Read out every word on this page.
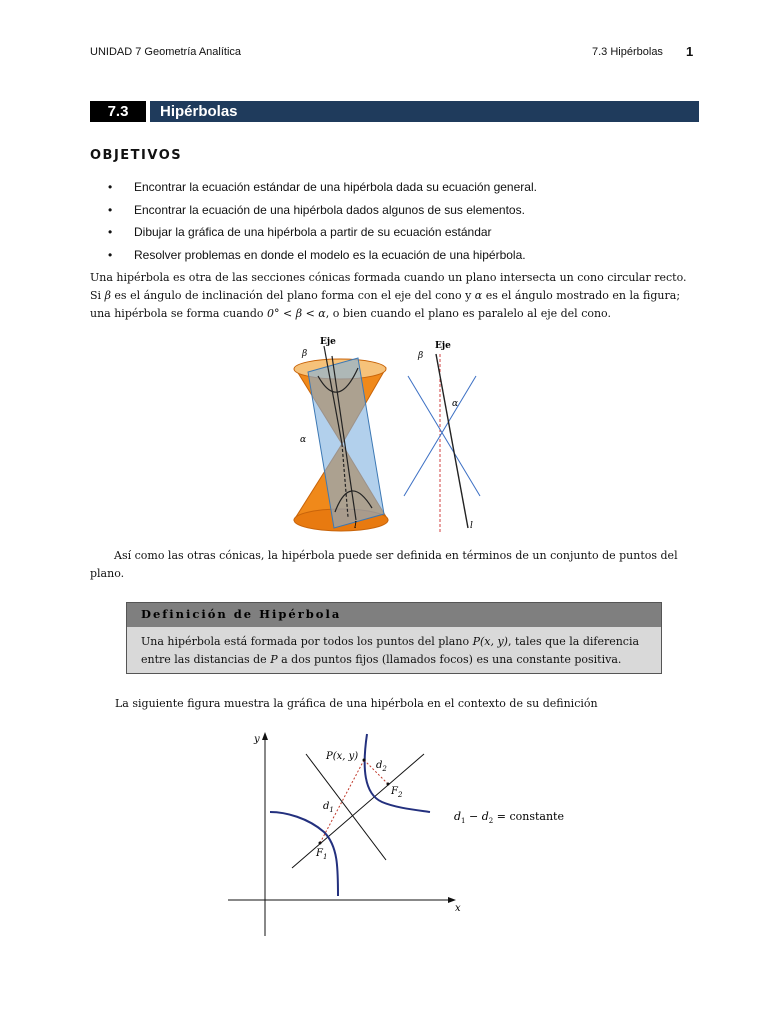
UNIDAD 7 Geometría Analítica	7.3 Hipérbolas 1
7.3	Hipérbolas
OBJETIVOS
• Encontrar la ecuación estándar de una hipérbola dada su ecuación general.
• Encontrar la ecuación de una hipérbola dados algunos de sus elementos.
• Dibujar la gráfica de una hipérbola a partir de su ecuación estándar
• Resolver problemas en donde el modelo es la ecuación de una hipérbola.
Una hipérbola es otra de las secciones cónicas formada cuando un plano intersecta un cono circular recto.
Si β es el ángulo de inclinación del plano forma con el eje del cono y α es el ángulo mostrado en la figura;
una hipérbola se forma cuando 0° < β < α, o bien cuando el plano es paralelo al eje del cono.
Eje
β
α
l
Eje
β
α
l
Así como las otras cónicas, la hipérbola puede ser definida en términos de un conjunto de puntos del plano.
Definición de Hipérbola
Una hipérbola está formada por todos los puntos del plano P(x, y), tales que la diferencia
entre las distancias de P a dos puntos fijos (llamados focos) es una constante positiva.
La siguiente figura muestra la gráfica de una hipérbola en el contexto de su definición
y
x
P(x, y)
$d_2$
$d_1$
$F_2$
$F_1$
$d_1 - d_2$ = constante
